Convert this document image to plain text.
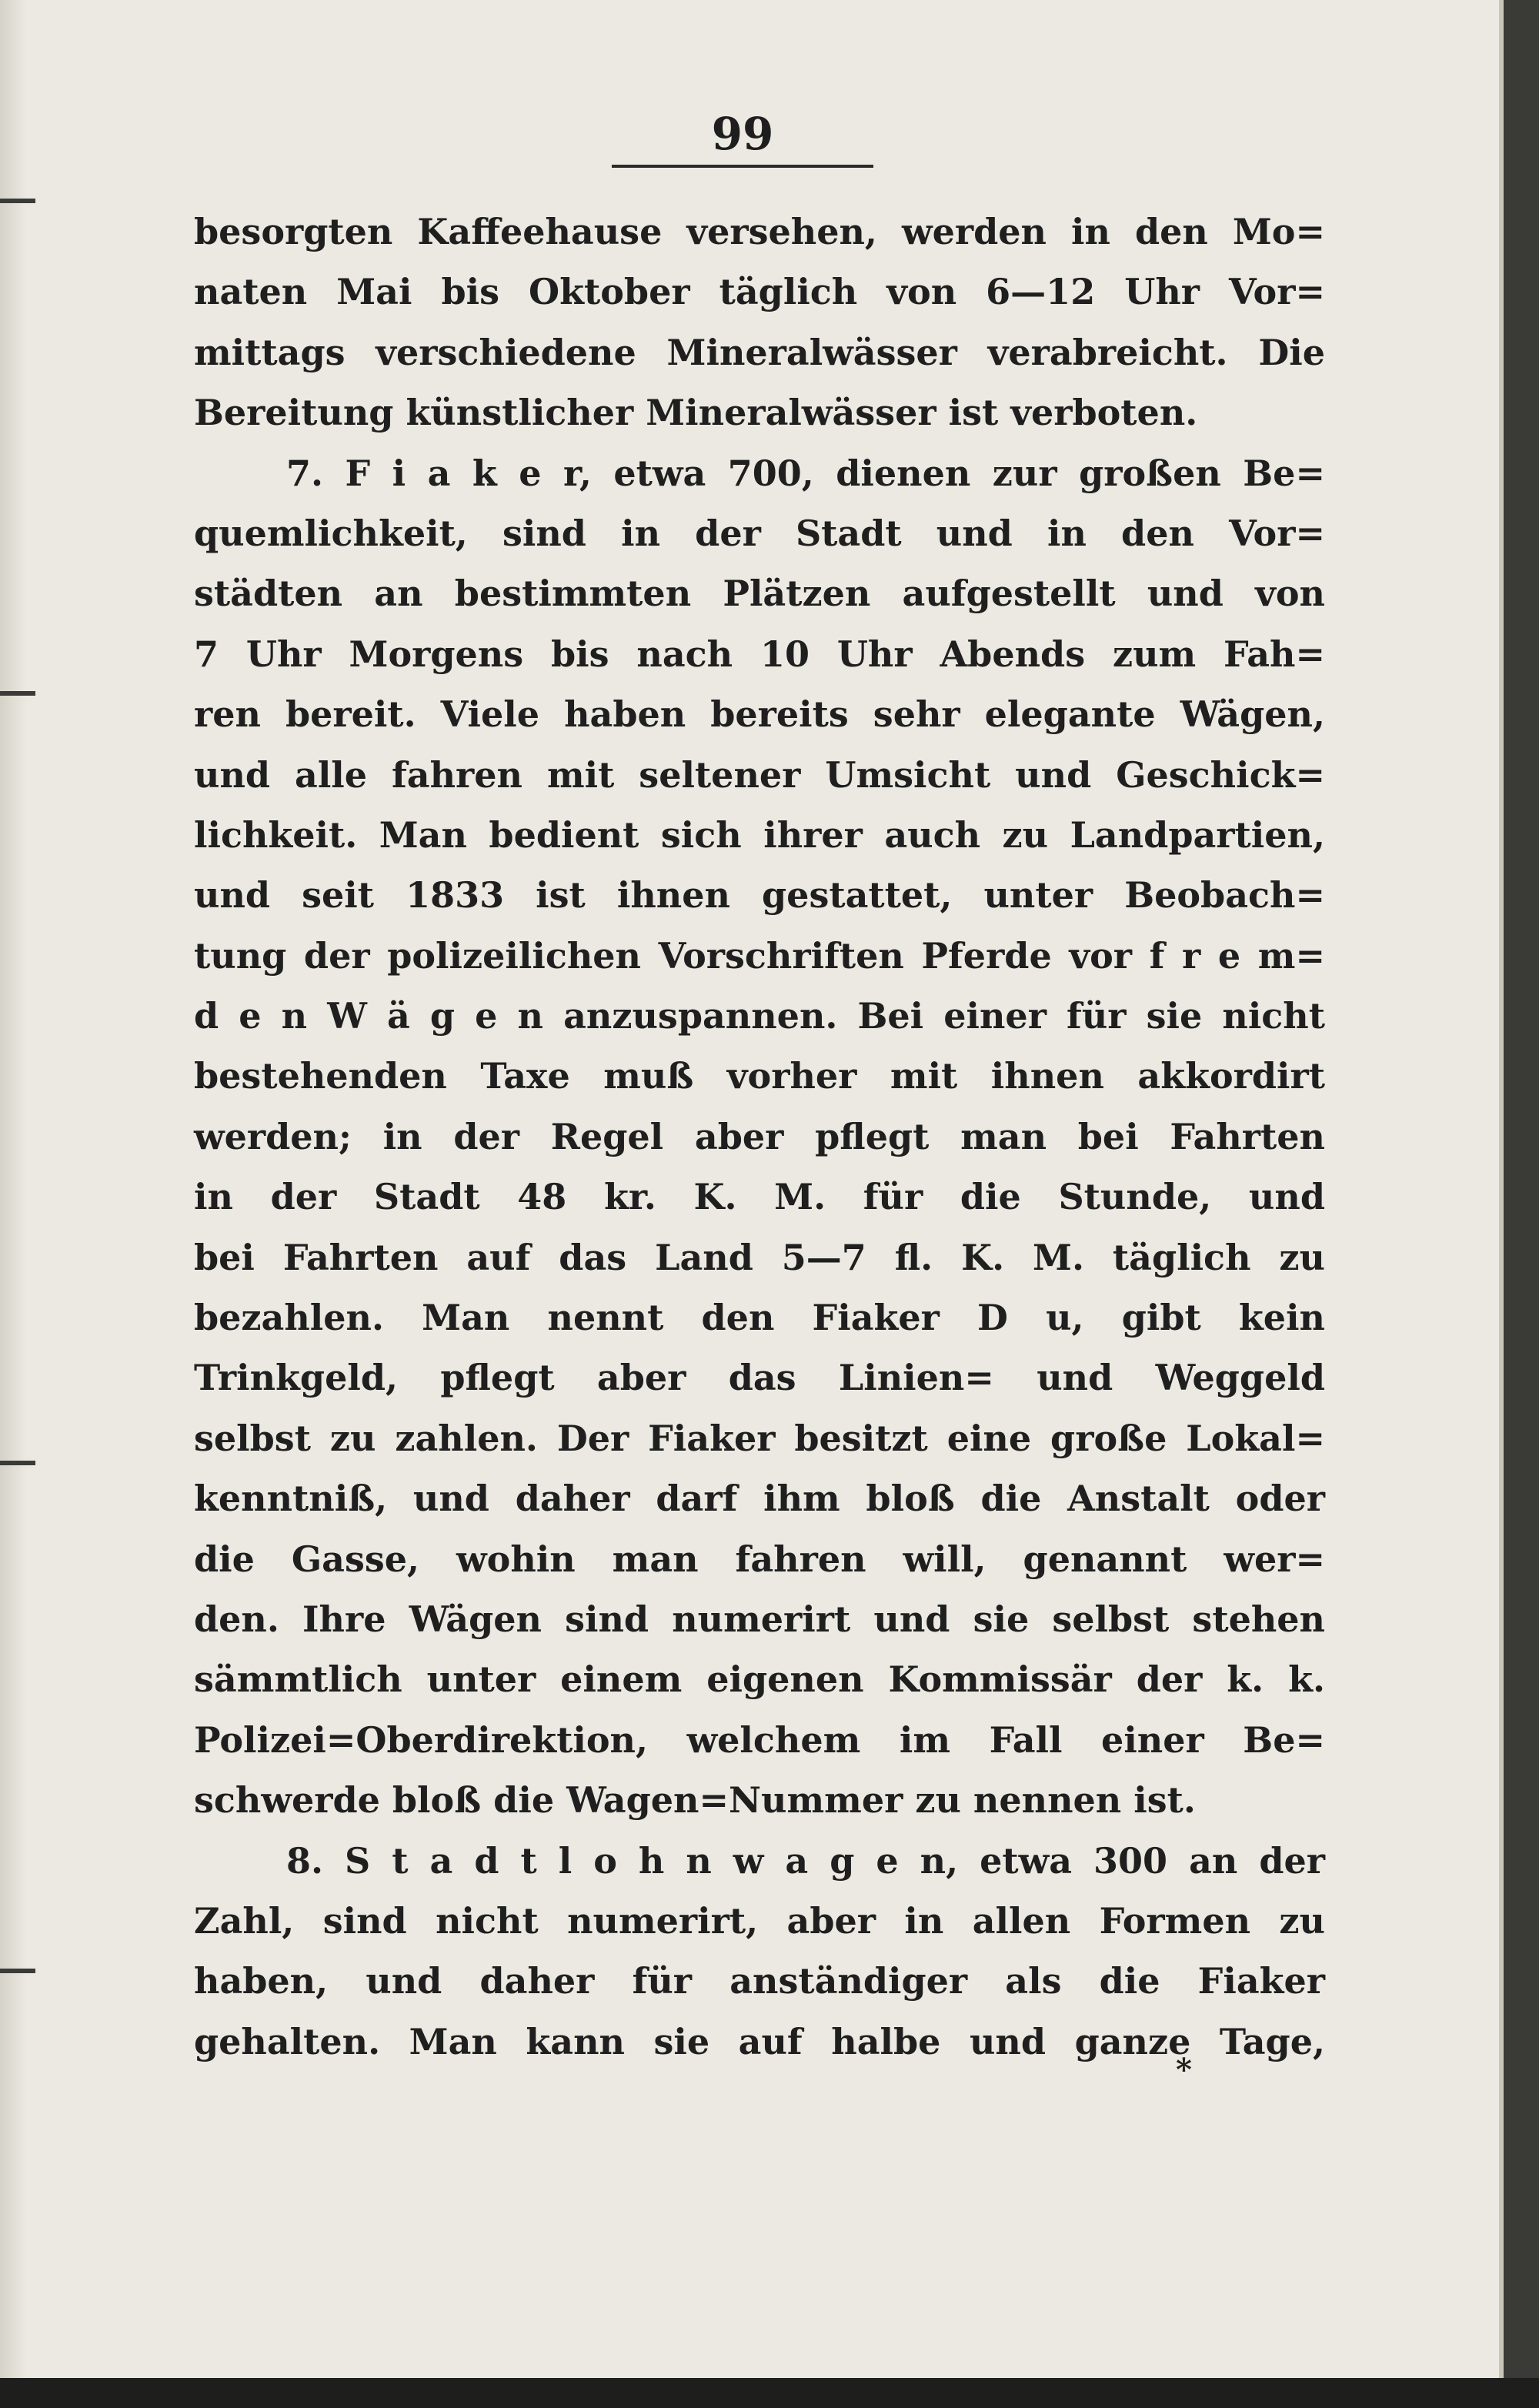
99
besorgten Kaffeehause versehen, werden in den Mo=
naten Mai bis Oktober täglich von 6—12 Uhr Vor=
mittags verschiedene Mineralwässer verabreicht. Die
Bereitung künstlicher Mineralwässer ist verboten.
7. F i a k e r, etwa 700, dienen zur großen Be=
quemlichkeit, sind in der Stadt und in den Vor=
städten an bestimmten Plätzen aufgestellt und von
7 Uhr Morgens bis nach 10 Uhr Abends zum Fah=
ren bereit. Viele haben bereits sehr elegante Wägen,
und alle fahren mit seltener Umsicht und Geschick=
lichkeit. Man bedient sich ihrer auch zu Landpartien,
und seit 1833 ist ihnen gestattet, unter Beobach=
tung der polizeilichen Vorschriften Pferde vor f r e m=
d e n W ä g e n anzuspannen. Bei einer für sie nicht
bestehenden Taxe muß vorher mit ihnen akkordirt
werden; in der Regel aber pflegt man bei Fahrten
in der Stadt 48 kr. K. M. für die Stunde, und
bei Fahrten auf das Land 5—7 fl. K. M. täglich zu
bezahlen. Man nennt den Fiaker D u, gibt kein
Trinkgeld, pflegt aber das Linien= und Weggeld
selbst zu zahlen. Der Fiaker besitzt eine große Lokal=
kenntniß, und daher darf ihm bloß die Anstalt oder
die Gasse, wohin man fahren will, genannt wer=
den. Ihre Wägen sind numerirt und sie selbst stehen
sämmtlich unter einem eigenen Kommissär der k. k.
Polizei=Oberdirektion, welchem im Fall einer Be=
schwerde bloß die Wagen=Nummer zu nennen ist.
8. S t a d t l o h n w a g e n, etwa 300 an der
Zahl, sind nicht numerirt, aber in allen Formen zu
haben, und daher für anständiger als die Fiaker
gehalten. Man kann sie auf halbe und ganze Tage,
*
